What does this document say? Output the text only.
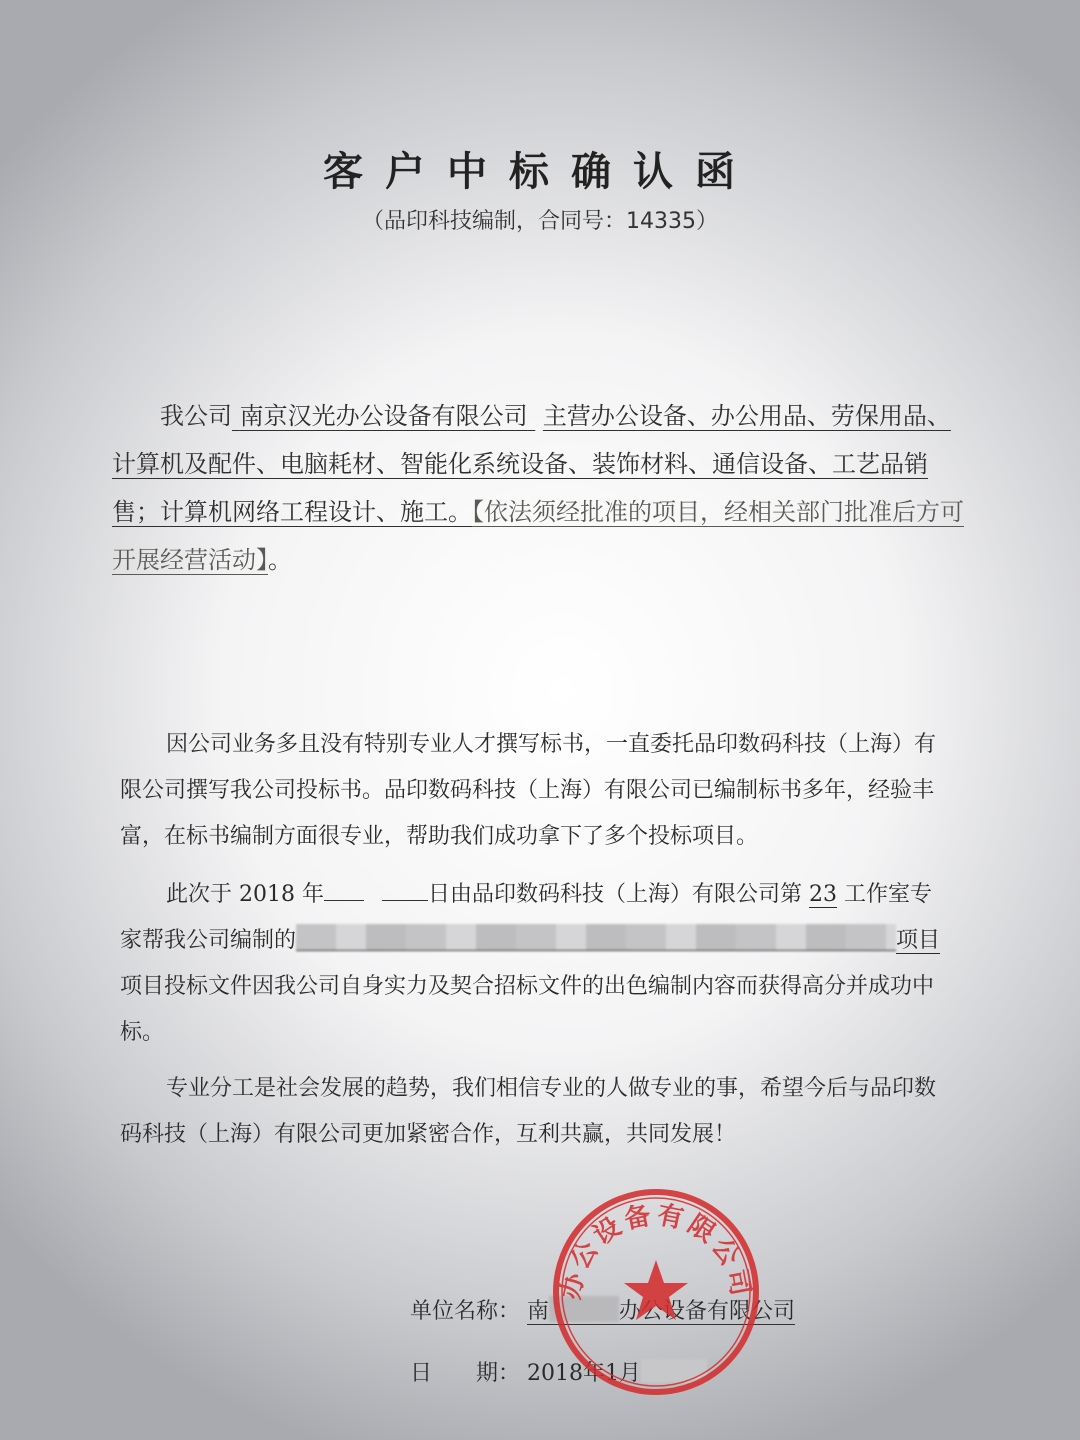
客户中标确认函
（品印科技编制，合同号：14335）
我公司 南京汉光办公设备有限公司 主营办公设备、办公用品、劳保用品、计算机及配件、电脑耗材、智能化系统设备、装饰材料、通信设备、工艺品销售；计算机网络工程设计、施工。【依法须经批准的项目，经相关部门批准后方可开展经营活动】。
因公司业务多且没有特别专业人才撰写标书，一直委托品印数码科技（上海）有限公司撰写我公司投标书。品印数码科技（上海）有限公司已编制标书多年，经验丰富，在标书编制方面很专业，帮助我们成功拿下了多个投标项目。
此次于 2018 年	日由品印数码科技（上海）有限公司第 23 工作室专家帮我公司编制的	项目项目投标文件因我公司自身实力及契合招标文件的出色编制内容而获得高分并成功中标。
专业分工是社会发展的趋势，我们相信专业的人做专业的事，希望今后与品印数码科技（上海）有限公司更加紧密合作，互利共赢，共同发展！
单位名称： 南	办公设备有限公司
日　　期： 2018年1月
办公设备有限公司
